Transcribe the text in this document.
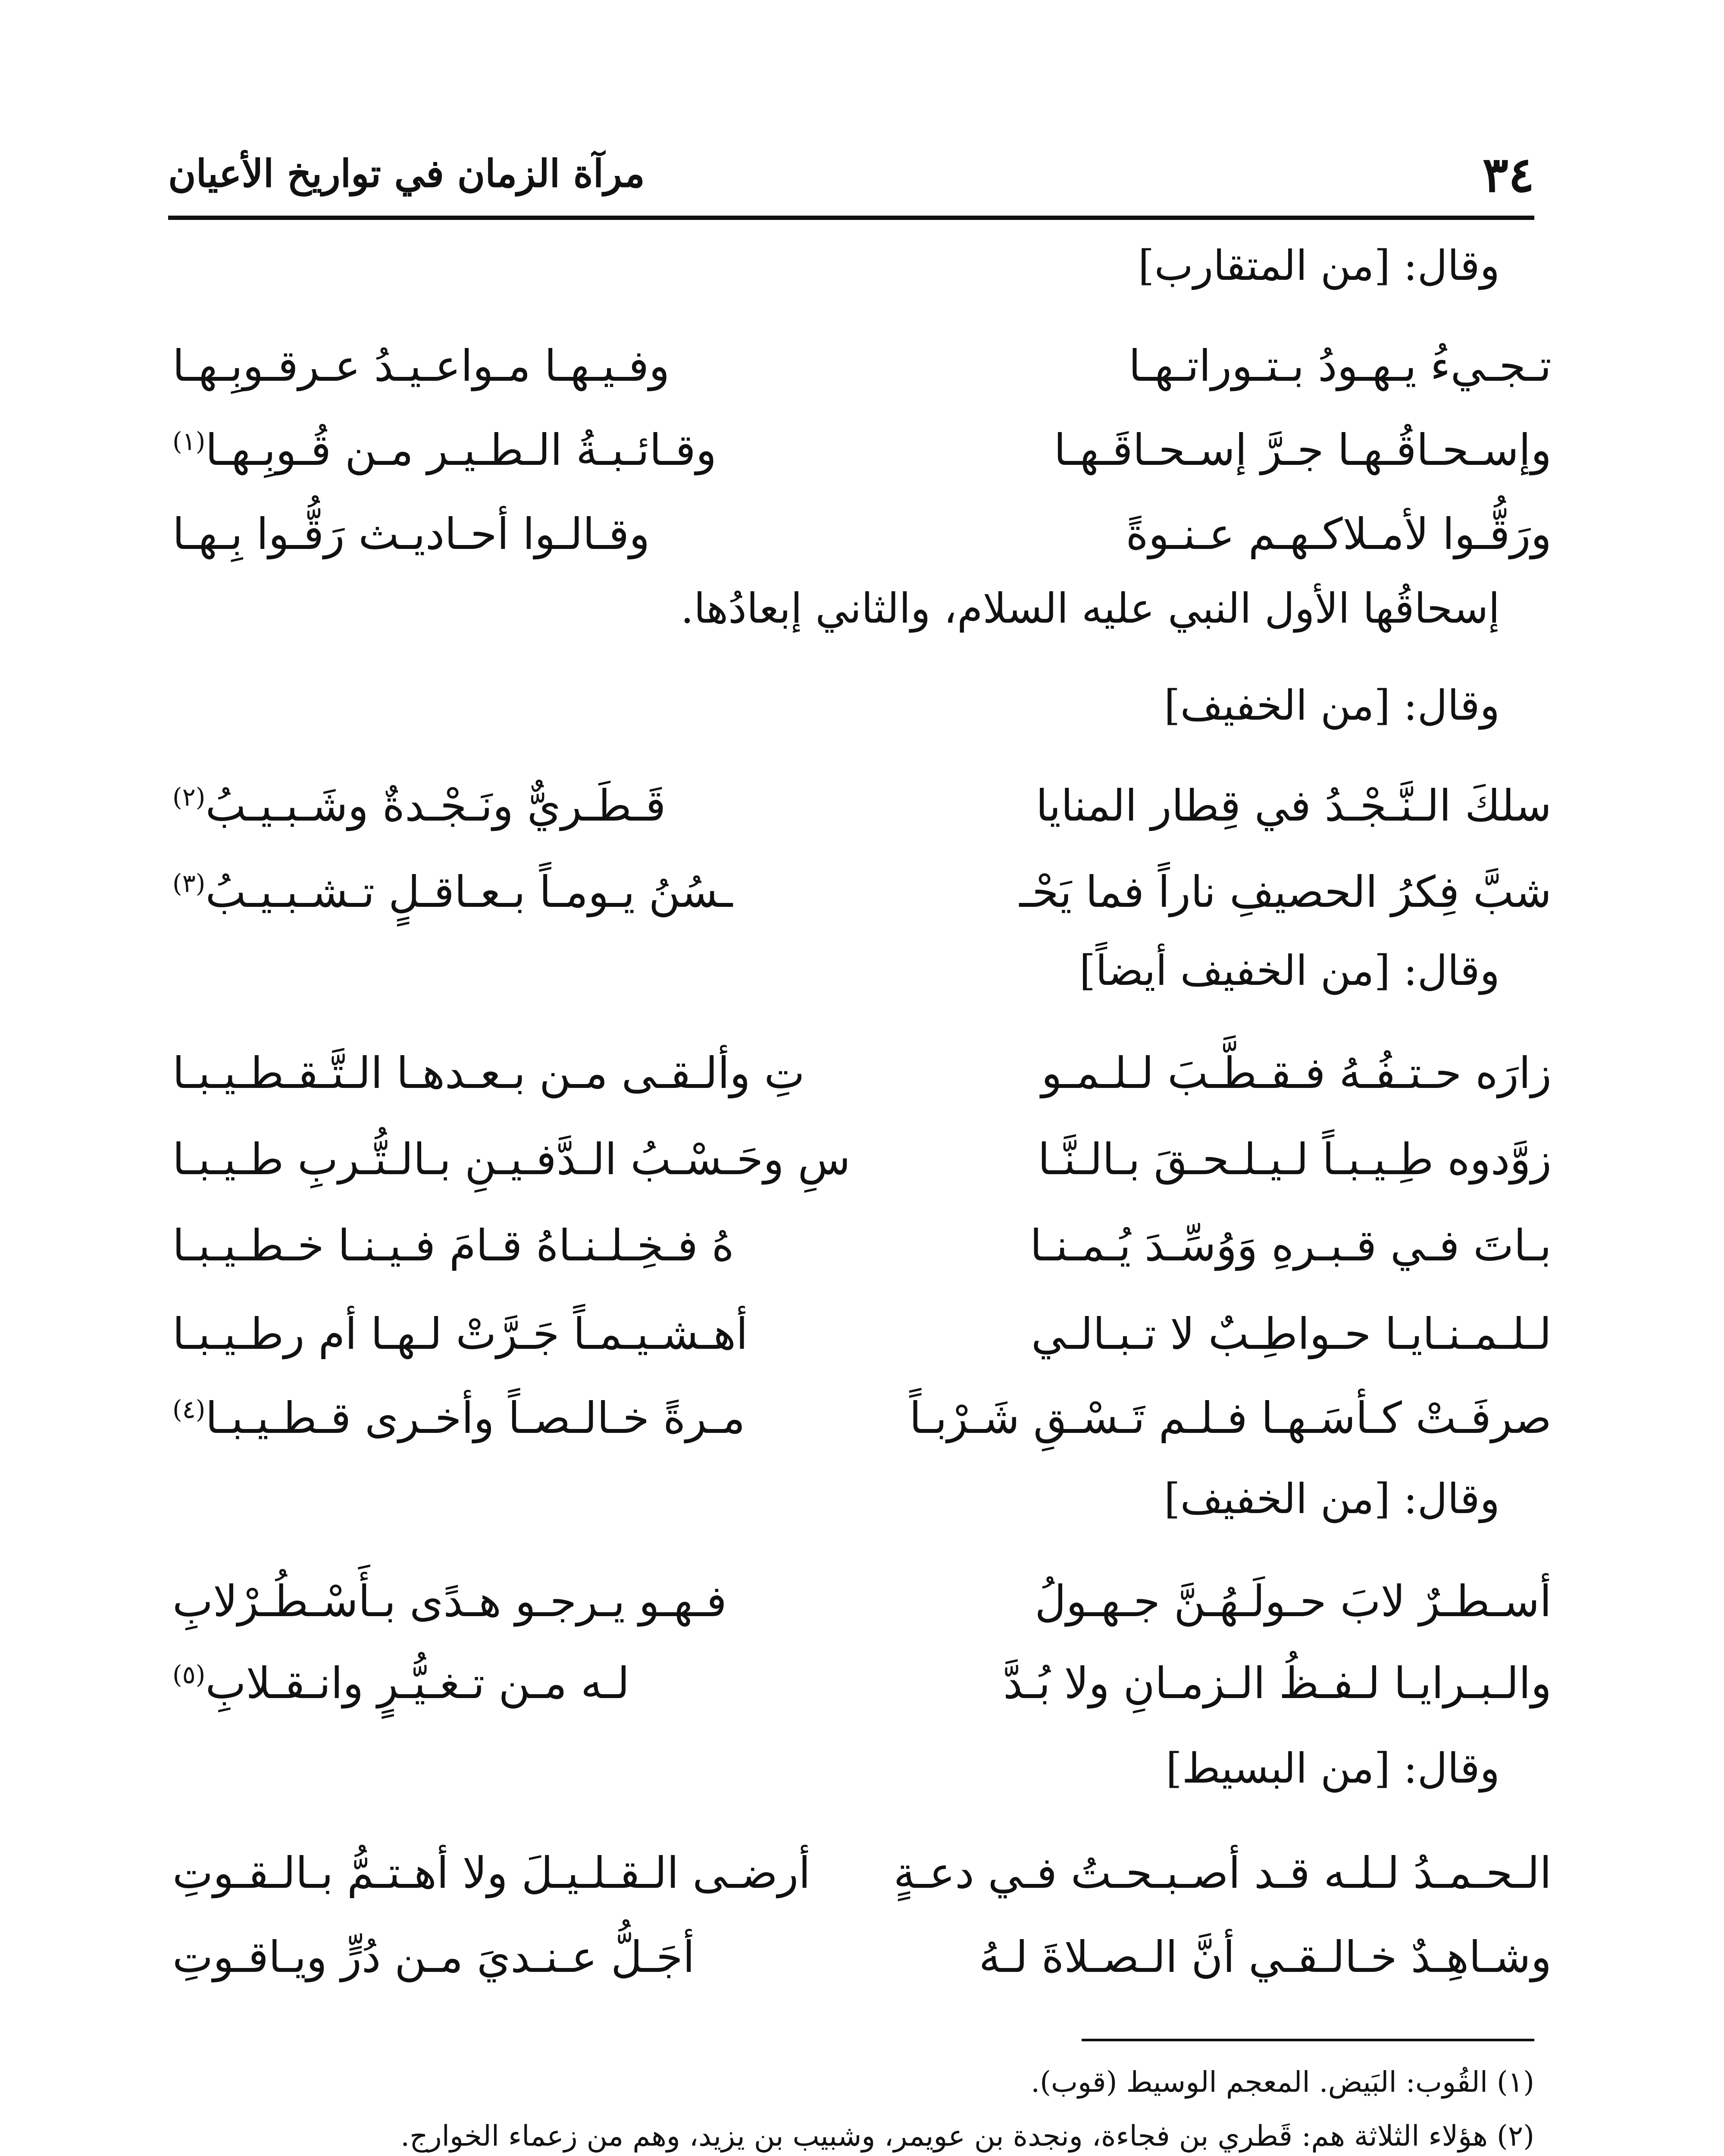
٣٤
مرآة الزمان في تواريخ الأعيان
وقال: [من المتقارب]
تـجـيءُ يـهـودُ بـتـوراتـهـا
وفـيـهـا مـواعـيـدُ عـرقـوبِـهـا
وإسـحـاقُـهـا جـرَّ إسـحـاقَـهـا
وقـائـبـةُ الـطـيـر مـن قُـوبِـهـا$^{(١)}$
ورَقُّـوا لأمـلاكـهـم عـنـوةً
وقـالـوا أحـاديـث رَقُّـوا بِـهـا
إسحاقُها الأول النبي عليه السلام، والثاني إبعادُها.
وقال: [من الخفيف]
سلكَ الـنَّـجْـدُ في قِطار المنايا
قَـطَـريٌّ ونَـجْـدةٌ وشَـبـيـبُ$^{(٢)}$
شبَّ فِكرُ الحصيفِ ناراً فما يَحْـ
ـسُنُ يـومـاً بـعـاقـلٍ تـشـبـيـبُ$^{(٣)}$
وقال: [من الخفيف أيضاً]
زارَه حـتـفُـهُ فـقـطَّـبَ لـلـمـو
تِ وألـقـى مـن بـعـدهـا الـتَّـقـطـيـبـا
زوَّدوه طِـيـبـاً لـيـلـحـقَ بـالـنَّـا
سِ وحَـسْـبُ الـدَّفـيـنِ بـالـتُّـربِ طـيـبـا
بـاتَ فـي قـبـرهِ وَوُسِّـدَ يُـمـنـا
هُ فـخِـلـنـاهُ قـامَ فـيـنـا خـطـيـبـا
لـلـمـنـايـا حـواطِـبٌ لا تـبـالـي
أهـشـيـمـاً جَـرَّتْ لـهـا أم رطـيـبـا
صرفَـتْ كـأسَـهـا فـلـم تَـسْـقِ شَـرْبـاً
مـرةً خـالـصـاً وأخـرى قـطـيـبـا$^{(٤)}$
وقال: [من الخفيف]
أسـطـرٌ لابَ حـولَـهُـنَّ جـهـولُ
فـهـو يـرجـو هـدًى بـأَسْـطُـرْلابِ
والـبـرايـا لـفـظُ الـزمـانِ ولا بُـدَّ
لـه مـن تـغـيُّـرٍ وانـقـلابِ$^{(٥)}$
وقال: [من البسيط]
الـحـمـدُ لـلـه قـد أصـبـحـتُ فـي دعـةٍ
أرضـى الـقـلـيـلَ ولا أهـتـمُّ بـالـقـوتِ
وشـاهِـدٌ خـالـقـي أنَّ الـصـلاةَ لـهُ
أجَـلُّ عـنـديَ مـن دُرٍّ ويـاقـوتِ
(١) القُوب: البَيض. المعجم الوسيط (قوب).
(٢) هؤلاء الثلاثة هم: قَطري بن فجاءة، ونجدة بن عويمر، وشبيب بن يزيد، وهم من زعماء الخوارج.
